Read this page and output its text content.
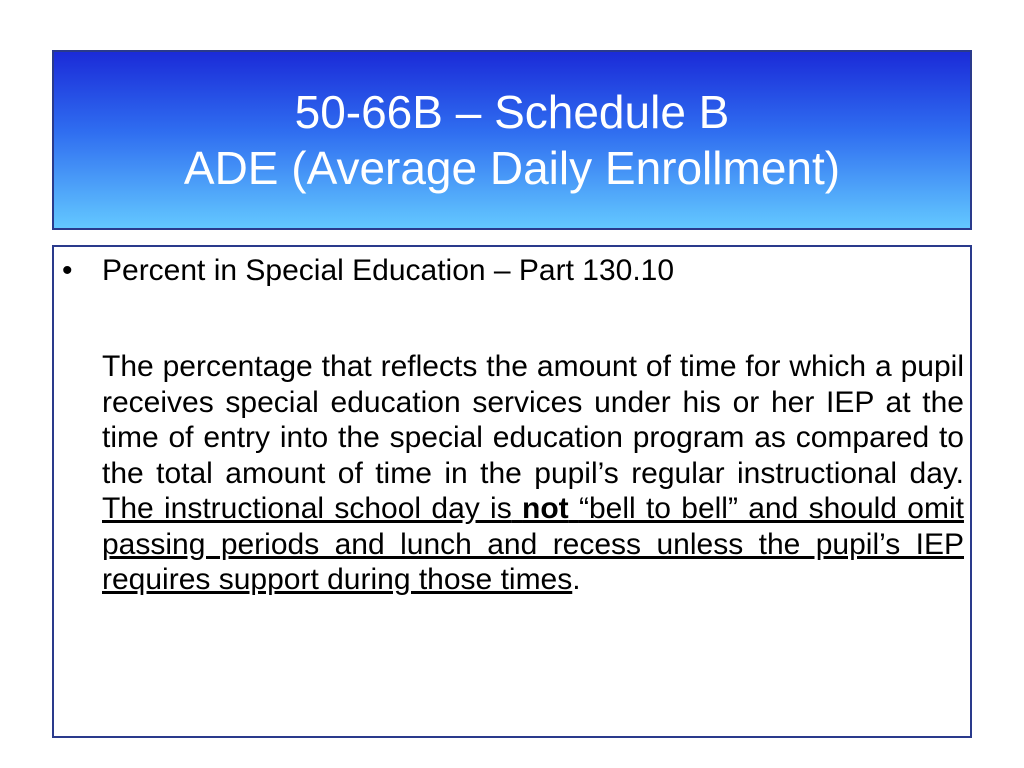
50-66B – Schedule B
ADE (Average Daily Enrollment)
• Percent in Special Education – Part 130.10

The percentage that reflects the amount of time for which a pupil receives special education services under his or her IEP at the time of entry into the special education program as compared to the total amount of time in the pupil’s regular instructional day. The instructional school day is not “bell to bell” and should omit passing periods and lunch and recess unless the pupil’s IEP requires support during those times.
